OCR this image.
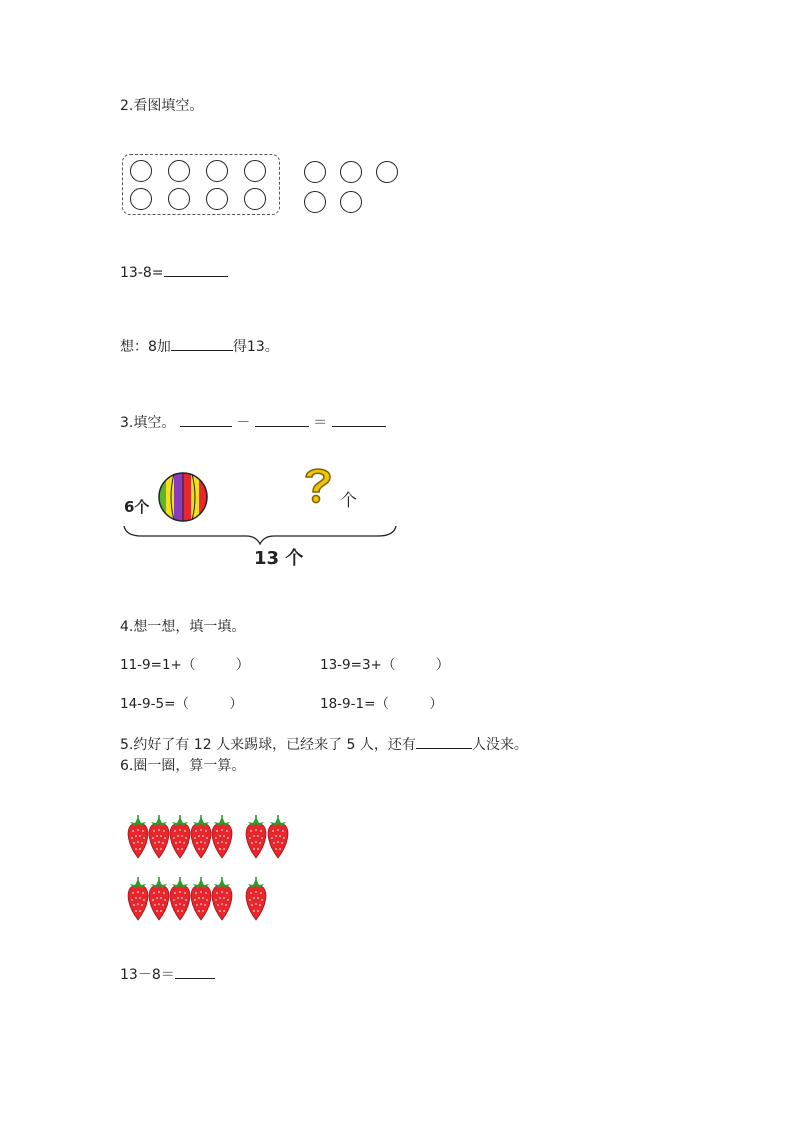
2.看图填空。
13-8=
想：8加	得13。
3.填空。	－	＝
6个	个
13 个
4.想一想，填一填。
11-9=1+（　　　）	13-9=3+（　　　）
14-9-5=（　　　）	18-9-1=（　　　）
5.约好了有 12 人来踢球，已经来了 5 人，还有	人没来。
6.圈一圈，算一算。
13－8＝
